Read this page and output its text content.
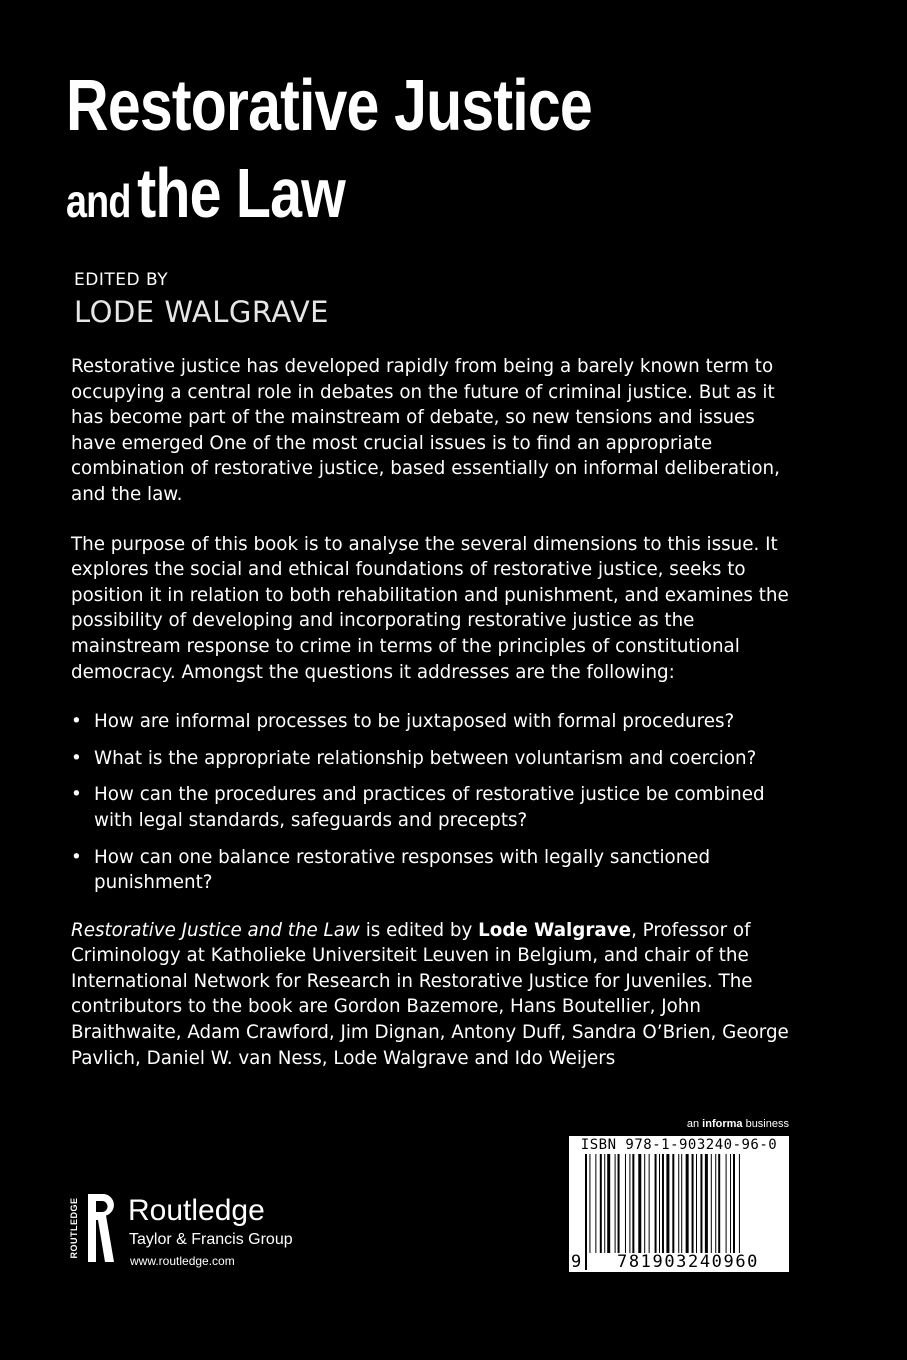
Restorative Justice
and the Law
EDITED BY
LODE WALGRAVE

Restorative justice has developed rapidly from being a barely known term to occupying a central role in debates on the future of criminal justice. But as it has become part of the mainstream of debate, so new tensions and issues have emerged One of the most crucial issues is to find an appropriate combination of restorative justice, based essentially on informal deliberation, and the law.

The purpose of this book is to analyse the several dimensions to this issue. It explores the social and ethical foundations of restorative justice, seeks to position it in relation to both rehabilitation and punishment, and examines the possibility of developing and incorporating restorative justice as the mainstream response to crime in terms of the principles of constitutional democracy. Amongst the questions it addresses are the following:

• How are informal processes to be juxtaposed with formal procedures?
• What is the appropriate relationship between voluntarism and coercion?
• How can the procedures and practices of restorative justice be combined with legal standards, safeguards and precepts?
• How can one balance restorative responses with legally sanctioned punishment?

Restorative Justice and the Law is edited by Lode Walgrave, Professor of Criminology at Katholieke Universiteit Leuven in Belgium, and chair of the International Network for Research in Restorative Justice for Juveniles. The contributors to the book are Gordon Bazemore, Hans Boutellier, John Braithwaite, Adam Crawford, Jim Dignan, Antony Duff, Sandra O’Brien, George Pavlich, Daniel W. van Ness, Lode Walgrave and Ido Weijers

ROUTLEDGE Routledge
Taylor & Francis Group
www.routledge.com
an informa business
ISBN 978-1-903240-96-0
9	781903240960
